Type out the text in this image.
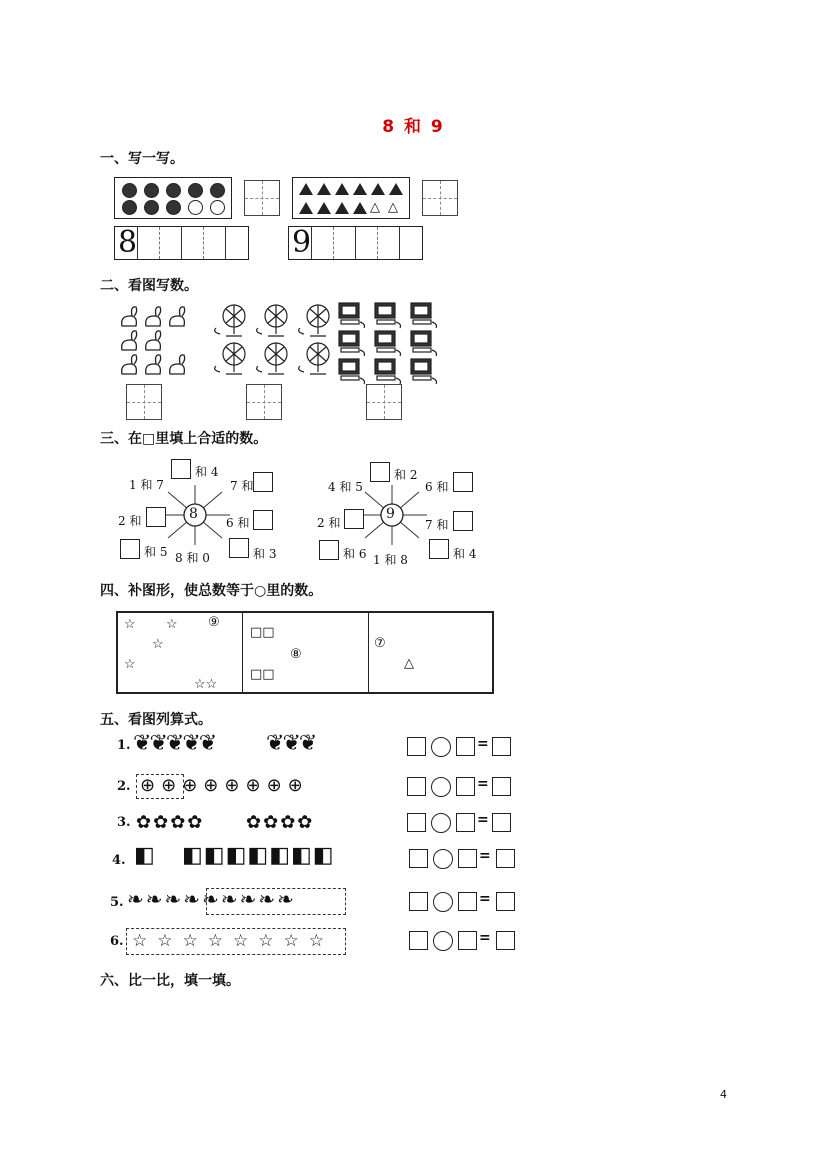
8 和 9
一、写一写。
△ △
8	9
二、看图写数。
三、在□里填上合适的数。
8
和 4
1 和 7	7 和
2 和	6 和
和 5 8 和 0	和 3
9
和 2
4 和 5	6 和
2 和	7 和
和 6 1 和 8	和 4
四、补图形，使总数等于○里的数。
☆ ☆ ⑨
☆
☆
☆☆
□□
⑧
□□
⑦
△
五、看图列算式。
1. ❦❦❦❦❦ ❦❦❦	=
2. ⊕⊕⊕⊕⊕⊕⊕⊕	=
3. ✿✿✿✿ ✿✿✿✿	=
4. ◧ ◧◧◧◧◧◧◧	=
5. ❧❧❧❧❧❧❧❧❧	=
6. ☆☆☆☆☆☆☆☆	=
六、比一比，填一填。
4
